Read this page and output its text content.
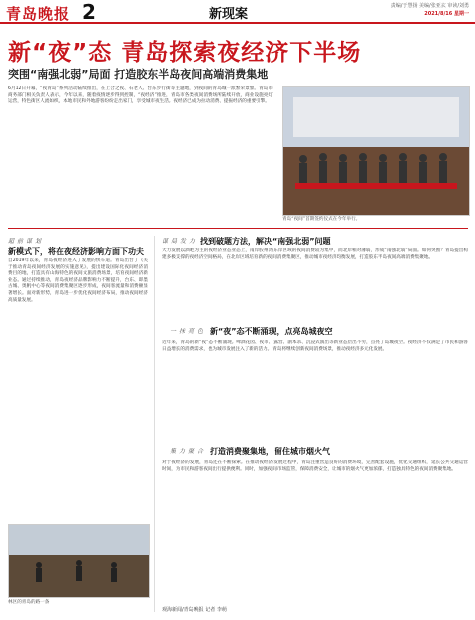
青岛晚报 2	新现案
责编/于慧扬 美编/张亚玄 审读/刘勇
2021/8/16 星期一
新“夜”态 青岛探索夜经济下半场
突围“南强北弱”局面 打造胶东半岛夜间高端消费集地
6月12日开幕，“夜青岛”系列活动陆续推出，在上合之夜、石老人、台东步行街等主题地，到夜间的青岛城一派繁荣景象。青岛市商务部门相关负责人表示，今年以来，随着疫情逐步得到控制，“夜经济”推进，青岛市各类夜间消费场所陆续开放，商业设施亮灯运营，特色街区人流如织，本地市民和外地游客纷纷走出家门，享受城市夜生活。夜经济已成为拉动消费、提振经济的重要引擎。
青岛“夜间”首期签约仪式在今年举行。
超前谋划
新模式下，将在夜经济影响方面下功夫
自2019年以来，青岛夜经济进入了发展的快车道。青岛出台了《关于推动青岛夜间经济发展的实施意见》，提出建设国际化夜间经济消费目的地，打造具有山海特色的夜间文旅消费场景，培育夜间经济新业态。通过持续推动，青岛夜经济品牌影响力不断提升，台东、即墨古城、奥帆中心等夜间消费集聚区逐步形成，夜间客流量和消费额显著增长。面对新形势，青岛进一步优化夜间经济布局，推动夜间经济高质量发展。
林区的青岛的路一条
谋局发力 找到破题方法，解决“南强北弱”问题
大力发展以酒吧为主的夜经济业态业态上，南岸胶州湾东岸区域的夜间消费较为集中，而北岸相对薄弱，形成“南强北弱”局面。如何突围？青岛提出构建多极支撑的夜经济空间格局，在北岸区域培育新的夜间消费集聚区，推动城市夜经济均衡发展，打造胶东半岛夜间高端消费集聚地。
一抹亮色 新“夜”态不断涌现，点亮岛城夜空
近年来，青岛的新“夜”态不断涌现。啤酒花园、夜市、露营、剧本杀、沉浸式演出等新业态层出不穷，点亮了岛城夜空。夜经济不仅满足了市民和游客日益增长的消费需求，也为城市发展注入了新的活力。青岛将继续创新夜间消费场景，推动夜经济多元化发展。
集力聚合 打造消费聚集地，留住城市烟火气
对于夜经济的发展，青岛还在不断探索。在推动夜经济发展过程中，青岛注重营造良好的消费环境，完善配套设施，优化交通组织，延长公共交通运营时间，为市民和游客夜间出行提供便利。同时，加强夜间市场监管，保障消费安全，让城市的烟火气更加浓郁，打造独具特色的夜间消费聚集地。
观海新闻/青岛晚报 记者 李萌
